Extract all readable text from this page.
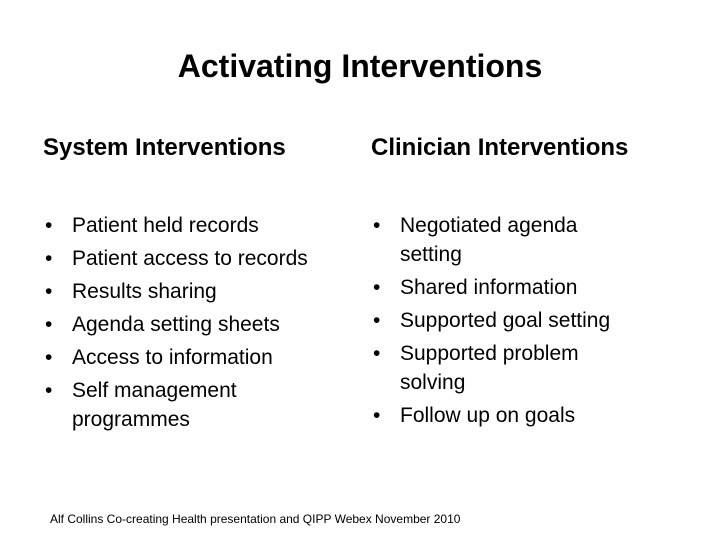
Activating Interventions
System Interventions	Clinician Interventions
• Patient held records
• Patient access to records
• Results sharing
• Agenda setting sheets
• Access to information
• Self management
programmes
• Negotiated agenda
setting
• Shared information
• Supported goal setting
• Supported problem
solving
• Follow up on goals

Alf Collins Co-creating Health presentation and QIPP Webex November 2010
